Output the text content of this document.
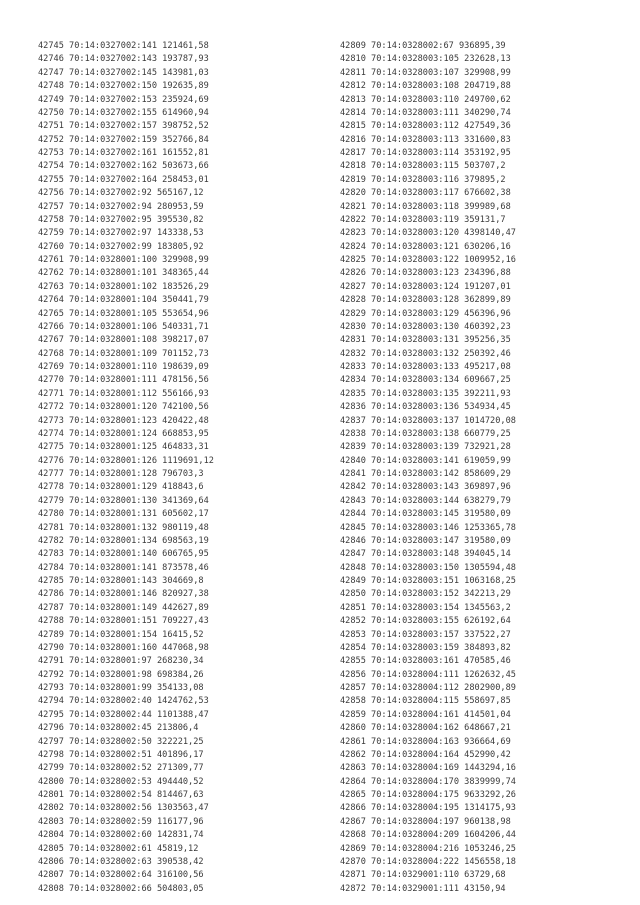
42745 70:14:0327002:141 121461,58
42746 70:14:0327002:143 193787,93
42747 70:14:0327002:145 143981,03
42748 70:14:0327002:150 192635,89
42749 70:14:0327002:153 235924,69
42750 70:14:0327002:155 614960,94
42751 70:14:0327002:157 398752,52
42752 70:14:0327002:159 352766,84
42753 70:14:0327002:161 161552,81
42754 70:14:0327002:162 503673,66
42755 70:14:0327002:164 258453,01
42756 70:14:0327002:92 565167,12
42757 70:14:0327002:94 280953,59
42758 70:14:0327002:95 395530,82
42759 70:14:0327002:97 143338,53
42760 70:14:0327002:99 183805,92
42761 70:14:0328001:100 329908,99
42762 70:14:0328001:101 348365,44
42763 70:14:0328001:102 183526,29
42764 70:14:0328001:104 350441,79
42765 70:14:0328001:105 553654,96
42766 70:14:0328001:106 540331,71
42767 70:14:0328001:108 398217,07
42768 70:14:0328001:109 701152,73
42769 70:14:0328001:110 198639,09
42770 70:14:0328001:111 478156,56
42771 70:14:0328001:112 556166,93
42772 70:14:0328001:120 742100,56
42773 70:14:0328001:123 420422,48
42774 70:14:0328001:124 668853,95
42775 70:14:0328001:125 464833,31
42776 70:14:0328001:126 1119691,12
42777 70:14:0328001:128 796703,3
42778 70:14:0328001:129 418843,6
42779 70:14:0328001:130 341369,64
42780 70:14:0328001:131 605602,17
42781 70:14:0328001:132 980119,48
42782 70:14:0328001:134 698563,19
42783 70:14:0328001:140 606765,95
42784 70:14:0328001:141 873578,46
42785 70:14:0328001:143 304669,8
42786 70:14:0328001:146 820927,38
42787 70:14:0328001:149 442627,89
42788 70:14:0328001:151 709227,43
42789 70:14:0328001:154 16415,52
42790 70:14:0328001:160 447068,98
42791 70:14:0328001:97 268230,34
42792 70:14:0328001:98 698384,26
42793 70:14:0328001:99 354133,08
42794 70:14:0328002:40 1424762,53
42795 70:14:0328002:44 1101388,47
42796 70:14:0328002:45 213806,4
42797 70:14:0328002:50 322221,25
42798 70:14:0328002:51 401896,17
42799 70:14:0328002:52 271309,77
42800 70:14:0328002:53 494440,52
42801 70:14:0328002:54 814467,63
42802 70:14:0328002:56 1303563,47
42803 70:14:0328002:59 116177,96
42804 70:14:0328002:60 142831,74
42805 70:14:0328002:61 45819,12
42806 70:14:0328002:63 390538,42
42807 70:14:0328002:64 316100,56
42808 70:14:0328002:66 504803,05
42809 70:14:0328002:67 936895,39
42810 70:14:0328003:105 232628,13
42811 70:14:0328003:107 329908,99
42812 70:14:0328003:108 204719,88
42813 70:14:0328003:110 249700,62
42814 70:14:0328003:111 340290,74
42815 70:14:0328003:112 427549,36
42816 70:14:0328003:113 331600,83
42817 70:14:0328003:114 353192,95
42818 70:14:0328003:115 503707,2
42819 70:14:0328003:116 379895,2
42820 70:14:0328003:117 676602,38
42821 70:14:0328003:118 399989,68
42822 70:14:0328003:119 359131,7
42823 70:14:0328003:120 4398140,47
42824 70:14:0328003:121 630206,16
42825 70:14:0328003:122 1009952,16
42826 70:14:0328003:123 234396,88
42827 70:14:0328003:124 191207,01
42828 70:14:0328003:128 362899,89
42829 70:14:0328003:129 456396,96
42830 70:14:0328003:130 460392,23
42831 70:14:0328003:131 395256,35
42832 70:14:0328003:132 250392,46
42833 70:14:0328003:133 495217,08
42834 70:14:0328003:134 609667,25
42835 70:14:0328003:135 392211,93
42836 70:14:0328003:136 534934,45
42837 70:14:0328003:137 1014720,08
42838 70:14:0328003:138 660779,25
42839 70:14:0328003:139 732921,28
42840 70:14:0328003:141 619059,99
42841 70:14:0328003:142 858609,29
42842 70:14:0328003:143 369897,96
42843 70:14:0328003:144 638279,79
42844 70:14:0328003:145 319580,09
42845 70:14:0328003:146 1253365,78
42846 70:14:0328003:147 319580,09
42847 70:14:0328003:148 394045,14
42848 70:14:0328003:150 1305594,48
42849 70:14:0328003:151 1063168,25
42850 70:14:0328003:152 342213,29
42851 70:14:0328003:154 1345563,2
42852 70:14:0328003:155 626192,64
42853 70:14:0328003:157 337522,27
42854 70:14:0328003:159 384893,82
42855 70:14:0328003:161 470585,46
42856 70:14:0328004:111 1262632,45
42857 70:14:0328004:112 2802900,89
42858 70:14:0328004:115 558697,85
42859 70:14:0328004:161 414501,04
42860 70:14:0328004:162 648667,21
42861 70:14:0328004:163 936664,69
42862 70:14:0328004:164 452990,42
42863 70:14:0328004:169 1443294,16
42864 70:14:0328004:170 3839999,74
42865 70:14:0328004:175 9633292,26
42866 70:14:0328004:195 1314175,93
42867 70:14:0328004:197 960138,98
42868 70:14:0328004:209 1604206,44
42869 70:14:0328004:216 1053246,25
42870 70:14:0328004:222 1456558,18
42871 70:14:0329001:110 63729,68
42872 70:14:0329001:111 43150,94
